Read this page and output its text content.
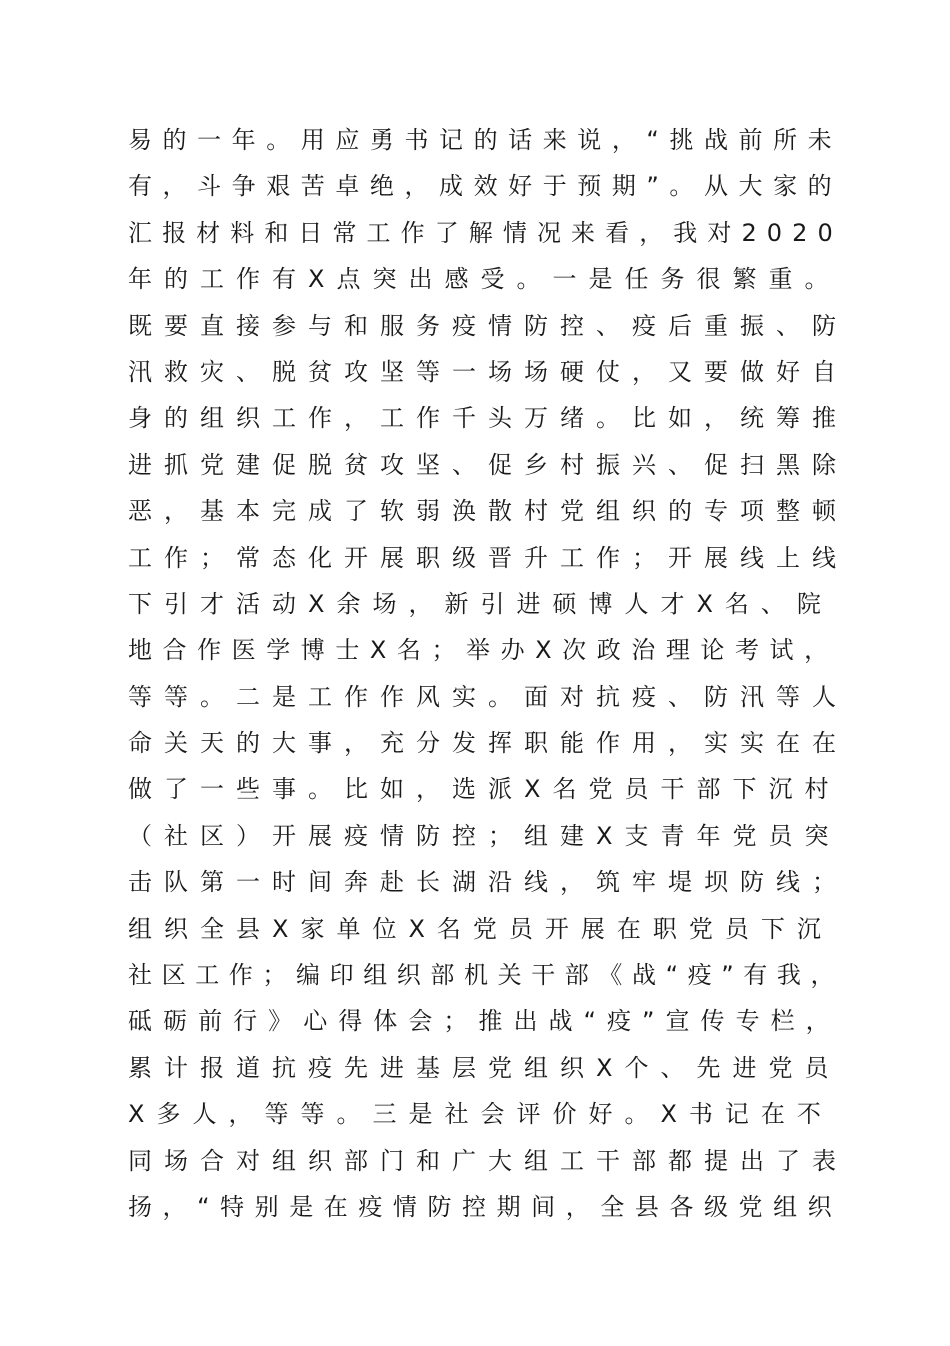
易的一年。用应勇书记的话来说，“挑战前所未
有，斗争艰苦卓绝，成效好于预期”。从大家的
汇报材料和日常工作了解情况来看，我对2020
年的工作有X点突出感受。一是任务很繁重。
既要直接参与和服务疫情防控、疫后重振、防
汛救灾、脱贫攻坚等一场场硬仗，又要做好自
身的组织工作，工作千头万绪。比如，统筹推
进抓党建促脱贫攻坚、促乡村振兴、促扫黑除
恶，基本完成了软弱涣散村党组织的专项整顿
工作；常态化开展职级晋升工作；开展线上线
下引才活动X余场，新引进硕博人才X名、院
地合作医学博士X名；举办X次政治理论考试，
等等。二是工作作风实。面对抗疫、防汛等人
命关天的大事，充分发挥职能作用，实实在在
做了一些事。比如，选派X名党员干部下沉村
（社区）开展疫情防控；组建X支青年党员突
击队第一时间奔赴长湖沿线，筑牢堤坝防线；
组织全县X家单位X名党员开展在职党员下沉
社区工作；编印组织部机关干部《战“疫”有我，
砥砺前行》心得体会；推出战“疫”宣传专栏，
累计报道抗疫先进基层党组织X个、先进党员
X多人，等等。三是社会评价好。X书记在不
同场合对组织部门和广大组工干部都提出了表
扬，“特别是在疫情防控期间，全县各级党组织
